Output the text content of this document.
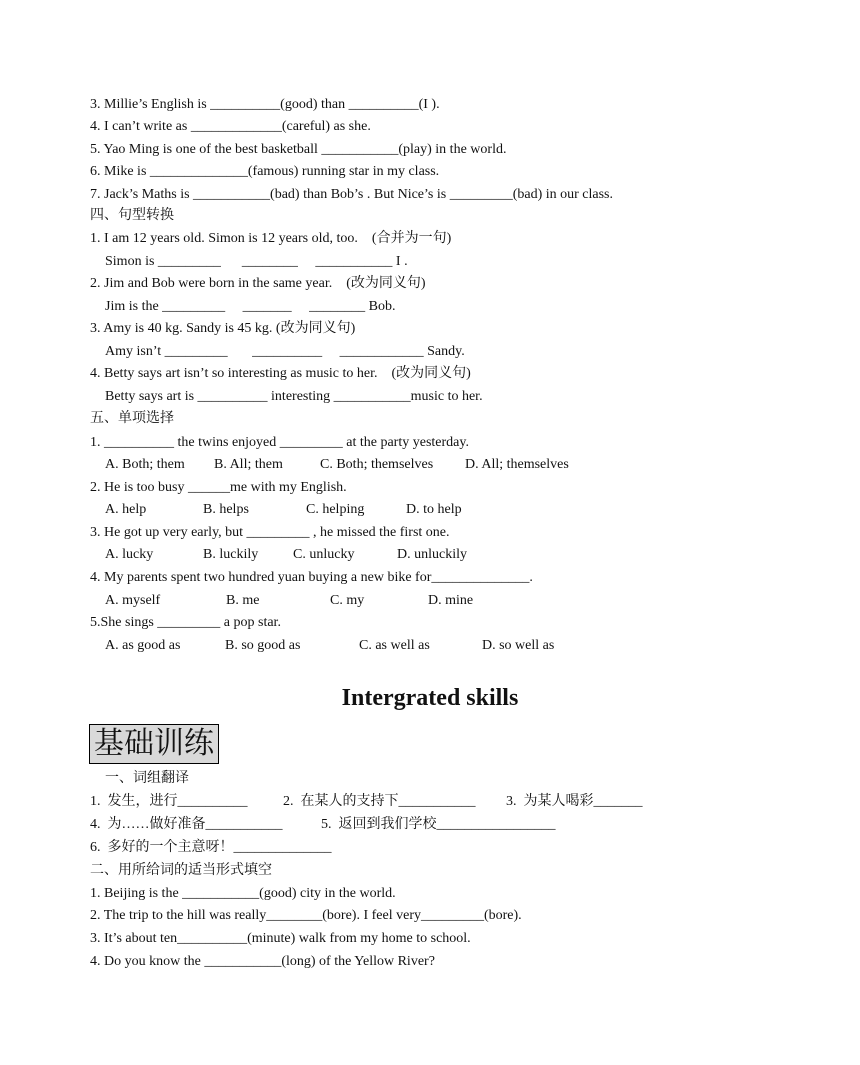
3. Millie’s English is __________(good) than __________(I ).
4. I can’t write as _____________(careful) as she.
5. Yao Ming is one of the best basketball ___________(play) in the world.
6. Mike is ______________(famous) running star in my class.
7. Jack’s Maths is ___________(bad) than Bob’s . But Nice’s is _________(bad) in our class.
四、句型转换
1. I am 12 years old. Simon is 12 years old, too.    (合并为一句)
Simon is _________      ________     ___________ I .
2. Jim and Bob were born in the same year.    (改为同义句)
Jim is the _________     _______     ________ Bob.
3. Amy is 40 kg. Sandy is 45 kg. (改为同义句)
Amy isn’t _________       __________     ____________ Sandy.
4. Betty says art isn’t so interesting as music to her.    (改为同义句)
Betty says art is __________ interesting ___________music to her.
五、单项选择
1. __________ the twins enjoyed _________ at the party yesterday.
A. Both; them B. All; them	C. Both; themselves D. All; themselves
2. He is too busy ______me with my English.
A. help	B. helps	C. helping	D. to help
3. He got up very early, but _________ , he missed the first one.
A. lucky	B. luckily C. unlucky	D. unluckily
4. My parents spent two hundred yuan buying a new bike for______________.
A. myself	B. me	C. my	D. mine
5.She sings _________ a pop star.
A. as good as	B. so good as	C. as well as	D. so well as
Intergrated skills
基础训练
一、词组翻译
1.  发生，进行__________	2.  在某人的支持下___________ 3.  为某人喝彩_______
4.  为……做好准备___________	5.  返回到我们学校_________________
6.  多好的一个主意呀！______________
二、用所给词的适当形式填空
1. Beijing is the ___________(good) city in the world.
2. The trip to the hill was really________(bore). I feel very_________(bore).
3. It’s about ten__________(minute) walk from my home to school.
4. Do you know the ___________(long) of the Yellow River?
